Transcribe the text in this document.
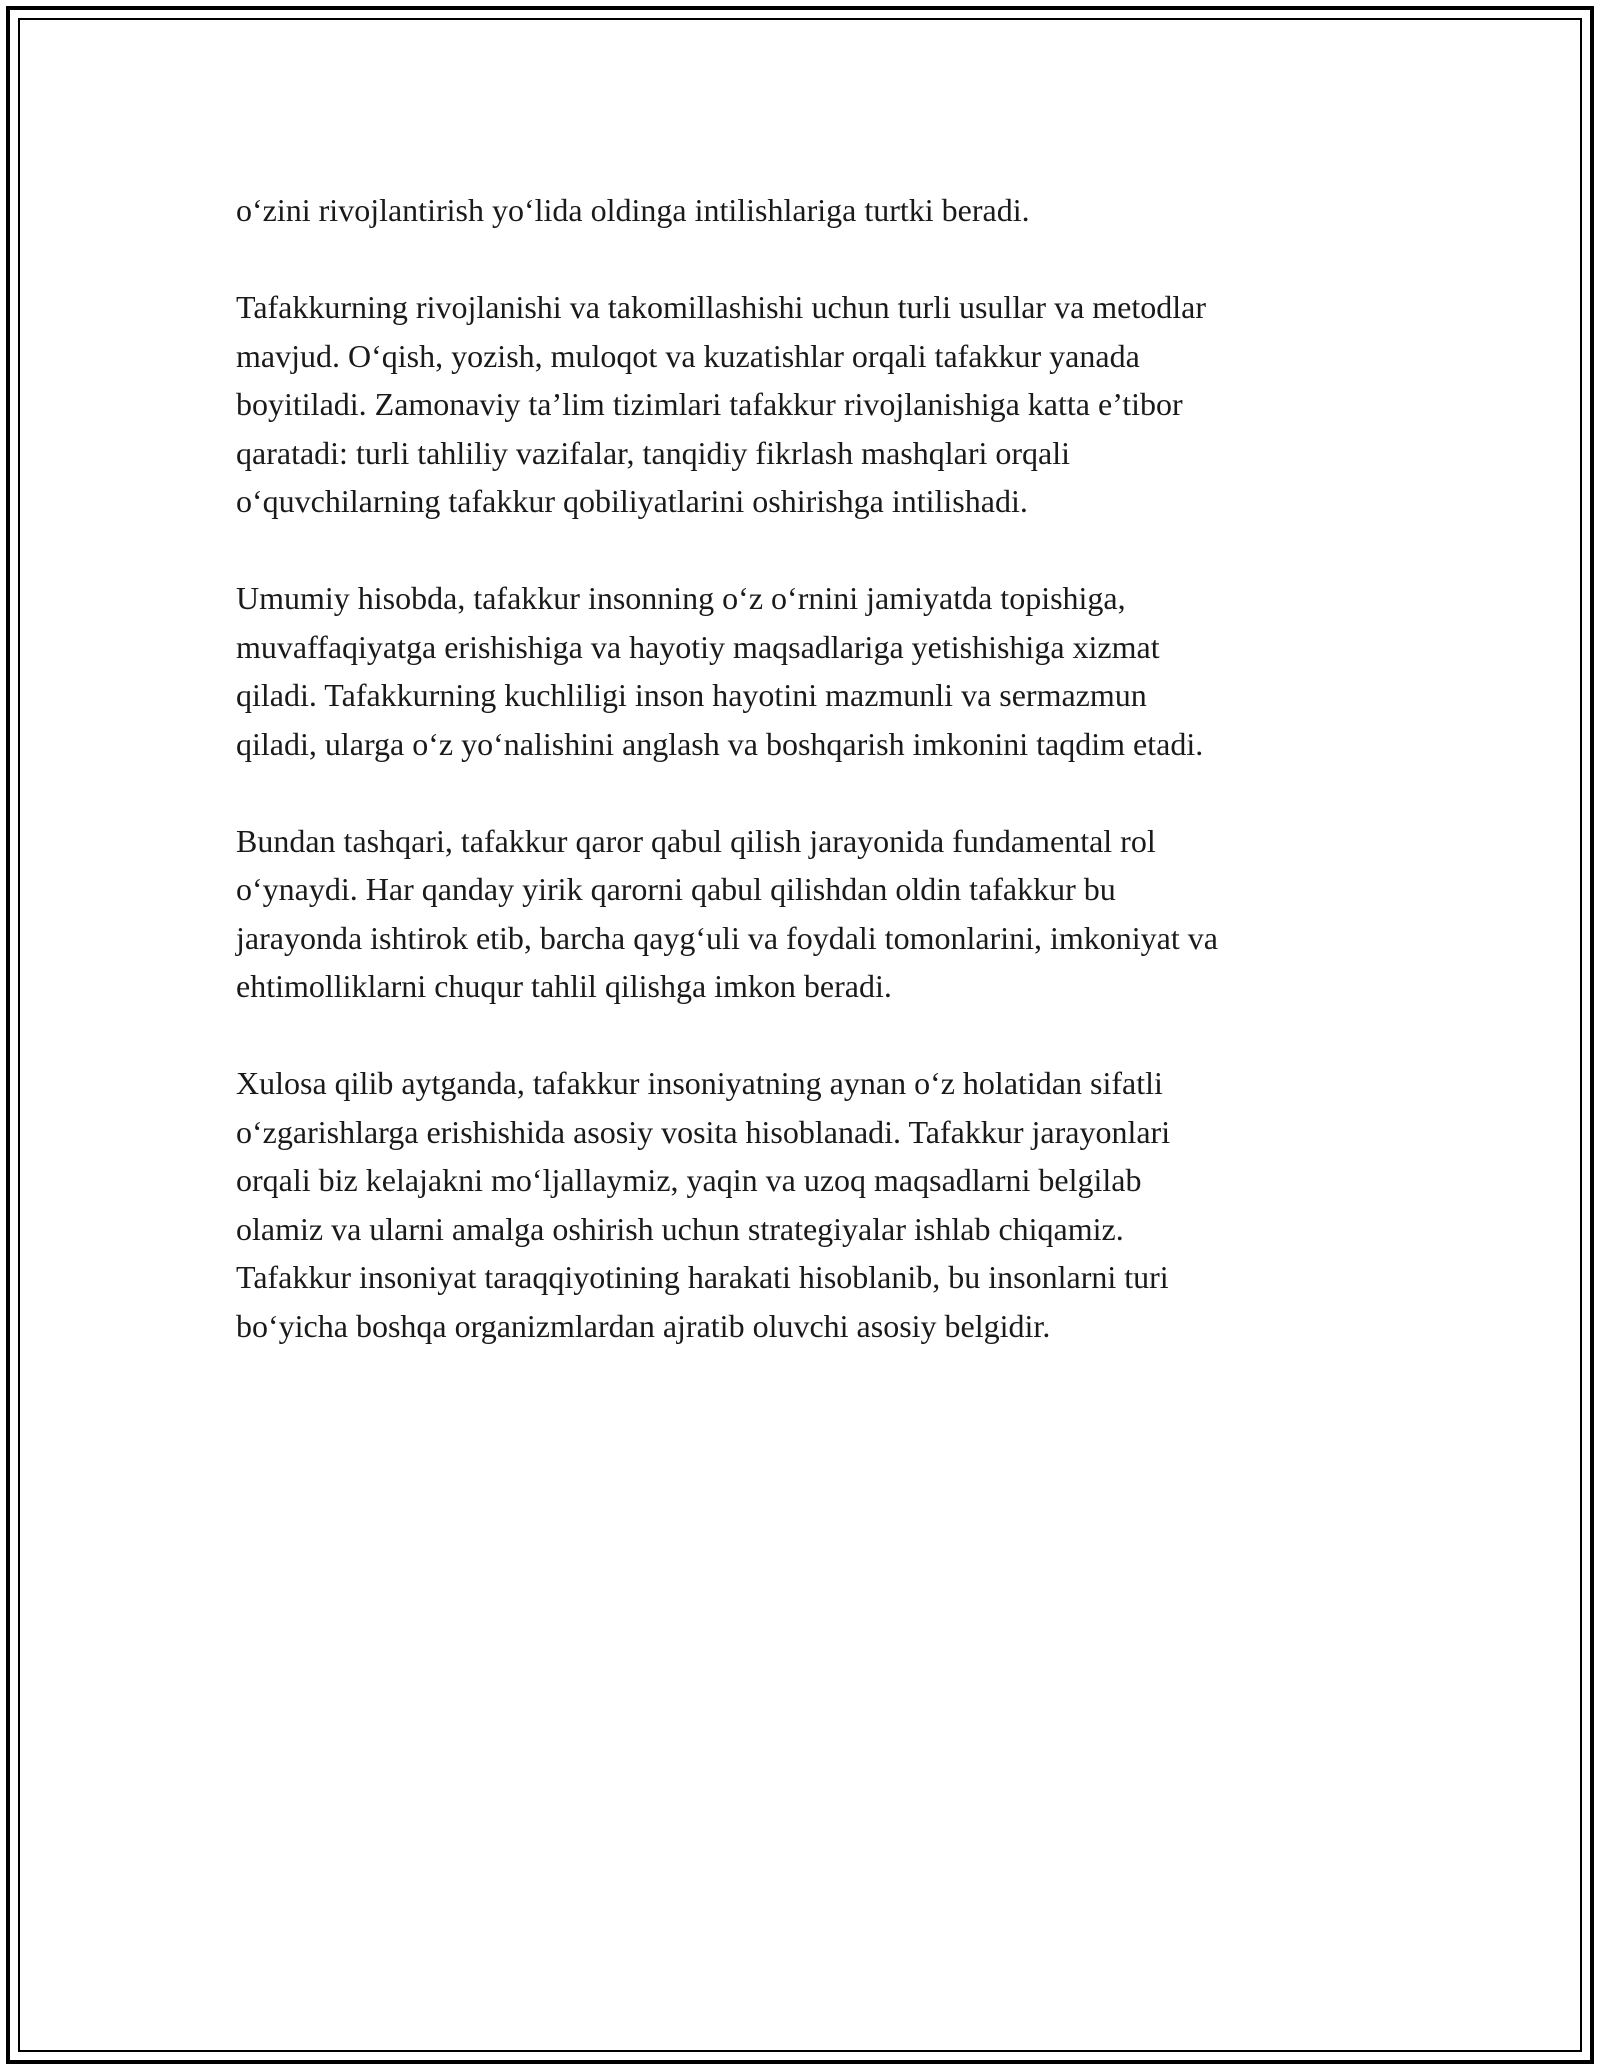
o‘zini rivojlantirish yo‘lida oldinga intilishlariga turtki beradi.

Tafakkurning rivojlanishi va takomillashishi uchun turli usullar va metodlar
mavjud. O‘qish, yozish, muloqot va kuzatishlar orqali tafakkur yanada
boyitiladi. Zamonaviy ta’lim tizimlari tafakkur rivojlanishiga katta e’tibor
qaratadi: turli tahliliy vazifalar, tanqidiy fikrlash mashqlari orqali
o‘quvchilarning tafakkur qobiliyatlarini oshirishga intilishadi.

Umumiy hisobda, tafakkur insonning o‘z o‘rnini jamiyatda topishiga,
muvaffaqiyatga erishishiga va hayotiy maqsadlariga yetishishiga xizmat
qiladi. Tafakkurning kuchliligi inson hayotini mazmunli va sermazmun
qiladi, ularga o‘z yo‘nalishini anglash va boshqarish imkonini taqdim etadi.

Bundan tashqari, tafakkur qaror qabul qilish jarayonida fundamental rol
o‘ynaydi. Har qanday yirik qarorni qabul qilishdan oldin tafakkur bu
jarayonda ishtirok etib, barcha qayg‘uli va foydali tomonlarini, imkoniyat va
ehtimolliklarni chuqur tahlil qilishga imkon beradi.

Xulosa qilib aytganda, tafakkur insoniyatning aynan o‘z holatidan sifatli
o‘zgarishlarga erishishida asosiy vosita hisoblanadi. Tafakkur jarayonlari
orqali biz kelajakni mo‘ljallaymiz, yaqin va uzoq maqsadlarni belgilab
olamiz va ularni amalga oshirish uchun strategiyalar ishlab chiqamiz.
Tafakkur insoniyat taraqqiyotining harakati hisoblanib, bu insonlarni turi
bo‘yicha boshqa organizmlardan ajratib oluvchi asosiy belgidir.
